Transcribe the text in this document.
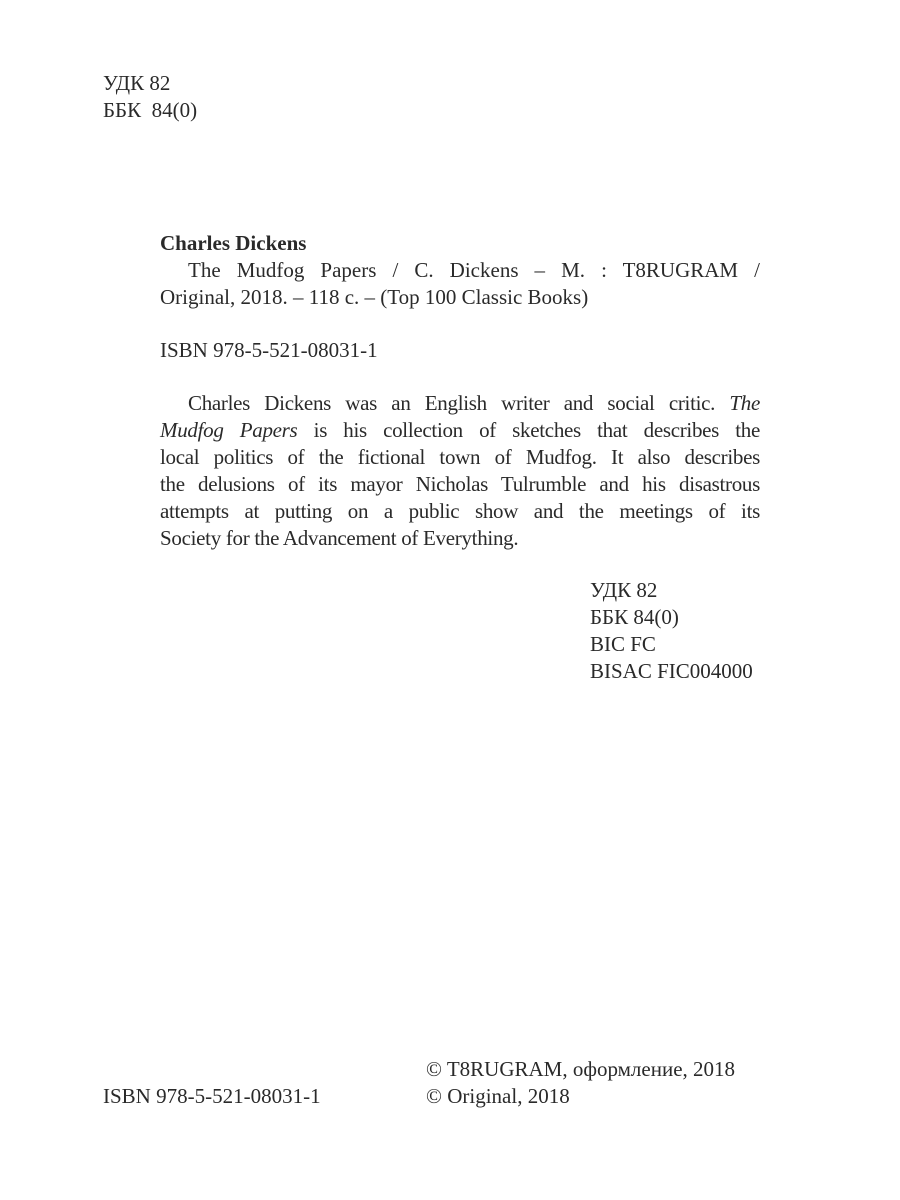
УДК 82
ББК  84(0)
Charles Dickens
The Mudfog Papers / C. Dickens – M. : T8RUGRAM /
Original, 2018. – 118 с. – (Top 100 Classic Books)
ISBN 978-5-521-08031-1
Charles Dickens was an English writer and social critic. The
Mudfog Papers is his collection of sketches that describes the
local politics of the fictional town of Mudfog. It also describes
the delusions of its mayor Nicholas Tulrumble and his disastrous
attempts at putting on a public show and the meetings of its
Society for the Advancement of Everything.
УДК 82
ББК 84(0)
BIC FC
BISAC FIC004000
ISBN 978-5-521-08031-1
© T8RUGRAM, оформление, 2018
© Original, 2018
